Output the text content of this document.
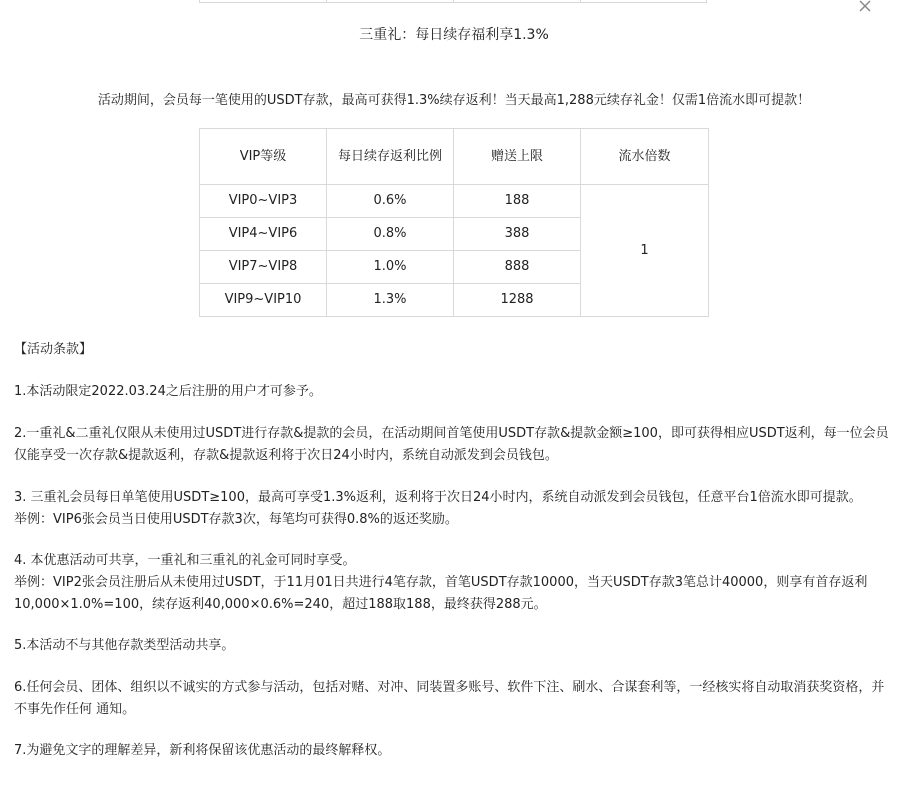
三重礼：每日续存福利享1.3%
活动期间，会员每一笔使用的USDT存款，最高可获得1.3%续存返利！当天最高1,288元续存礼金！仅需1倍流水即可提款！
VIP等级	每日续存返利比例	赠送上限	流水倍数
VIP0~VIP3	0.6%	188	1
VIP4~VIP6	0.8%	388	
VIP7~VIP8	1.0%	888	
VIP9~VIP10	1.3%	1288	

【活动条款】

1.本活动限定2022.03.24之后注册的用户才可参予。

2.一重礼&二重礼仅限从未使用过USDT进行存款&提款的会员，在活动期间首笔使用USDT存款&提款金额≥100，即可获得相应USDT返利，每一位会员仅能享受一次存款&提款返利，存款&提款返利将于次日24小时内，系统自动派发到会员钱包。

3. 三重礼会员每日单笔使用USDT≥100，最高可享受1.3%返利，返利将于次日24小时内，系统自动派发到会员钱包，任意平台1倍流水即可提款。

举例：VIP6张会员当日使用USDT存款3次，每笔均可获得0.8%的返还奖励。

4. 本优惠活动可共享，一重礼和三重礼的礼金可同时享受。

举例：VIP2张会员注册后从未使用过USDT，于11月01日共进行4笔存款，首笔USDT存款10000，当天USDT存款3笔总计40000，则享有首存返利10,000×1.0%=100，续存返利40,000×0.6%=240，超过188取188，最终获得288元。

5.本活动不与其他存款类型活动共享。

6.任何会员、团体、组织以不诚实的方式参与活动，包括对赌、对冲、同装置多账号、软件下注、刷水、合谋套利等，一经核实将自动取消获奖资格，并不事先作任何 通知。

7.为避免文字的理解差异，新利将保留该优惠活动的最终解释权。
